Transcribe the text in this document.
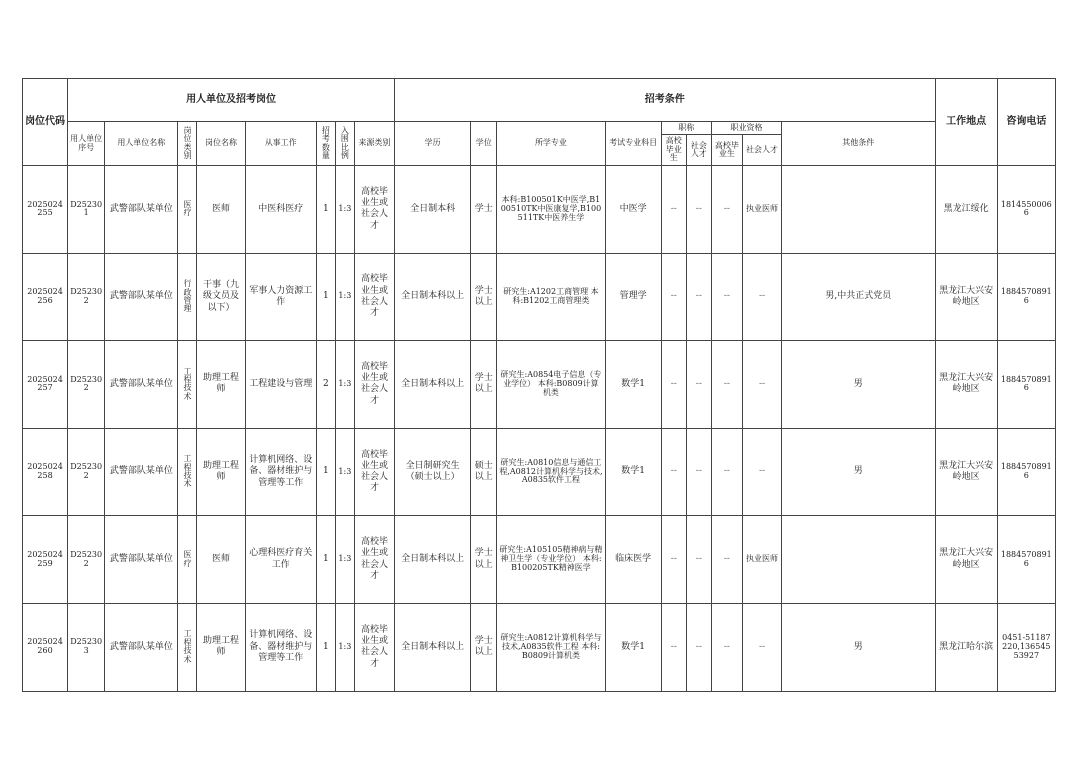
岗位代码	用人单位及招考岗位								招考条件									工作地点	咨询电话
	用人单位序号	用人单位名称	岗位类别	岗位名称	从事工作	招考数量	入围比例	来源类别	学历	学位	所学专业	考试专业科目	职称		职业资格		其他条件		
													高校毕业生	社会人才	高校毕业生	社会人才			
2025024255	D252301	武警部队某单位	医疗	医师	中医科医疗	1	1:3	高校毕业生或社会人才	全日制本科	学士	本科:B100501K中医学,B100510TK中医康复学,B100511TK中医养生学	中医学	--	--	--	执业医师		黑龙江绥化	18145500066
2025024256	D252302	武警部队某单位	行政管理	干事（九级文员及以下）	军事人力资源工作	1	1:3	高校毕业生或社会人才	全日制本科以上	学士以上	研究生:A1202工商管理 本科:B1202工商管理类	管理学	--	--	--	--	男,中共正式党员	黑龙江大兴安岭地区	18845708916
2025024257	D252302	武警部队某单位	工程技术	助理工程师	工程建设与管理	2	1:3	高校毕业生或社会人才	全日制本科以上	学士以上	研究生:A0854电子信息（专业学位） 本科:B0809计算机类	数学1	--	--	--	--	男	黑龙江大兴安岭地区	18845708916
2025024258	D252302	武警部队某单位	工程技术	助理工程师	计算机网络、设备、器材维护与管理等工作	1	1:3	高校毕业生或社会人才	全日制研究生（硕士以上）	硕士以上	研究生:A0810信息与通信工程,A0812计算机科学与技术,A0835软件工程	数学1	--	--	--	--	男	黑龙江大兴安岭地区	18845708916
2025024259	D252302	武警部队某单位	医疗	医师	心理科医疗育关工作	1	1:3	高校毕业生或社会人才	全日制本科以上	学士以上	研究生:A105105精神病与精神卫生学（专业学位） 本科:B100205TK精神医学	临床医学	--	--	--	执业医师		黑龙江大兴安岭地区	18845708916
2025024260	D252303	武警部队某单位	工程技术	助理工程师	计算机网络、设备、器材维护与管理等工作	1	1:3	高校毕业生或社会人才	全日制本科以上	学士以上	研究生:A0812计算机科学与技术,A0835软件工程 本科:B0809计算机类	数学1	--	--	--	--	男	黑龙江哈尔滨	0451-51187220,13654553927
